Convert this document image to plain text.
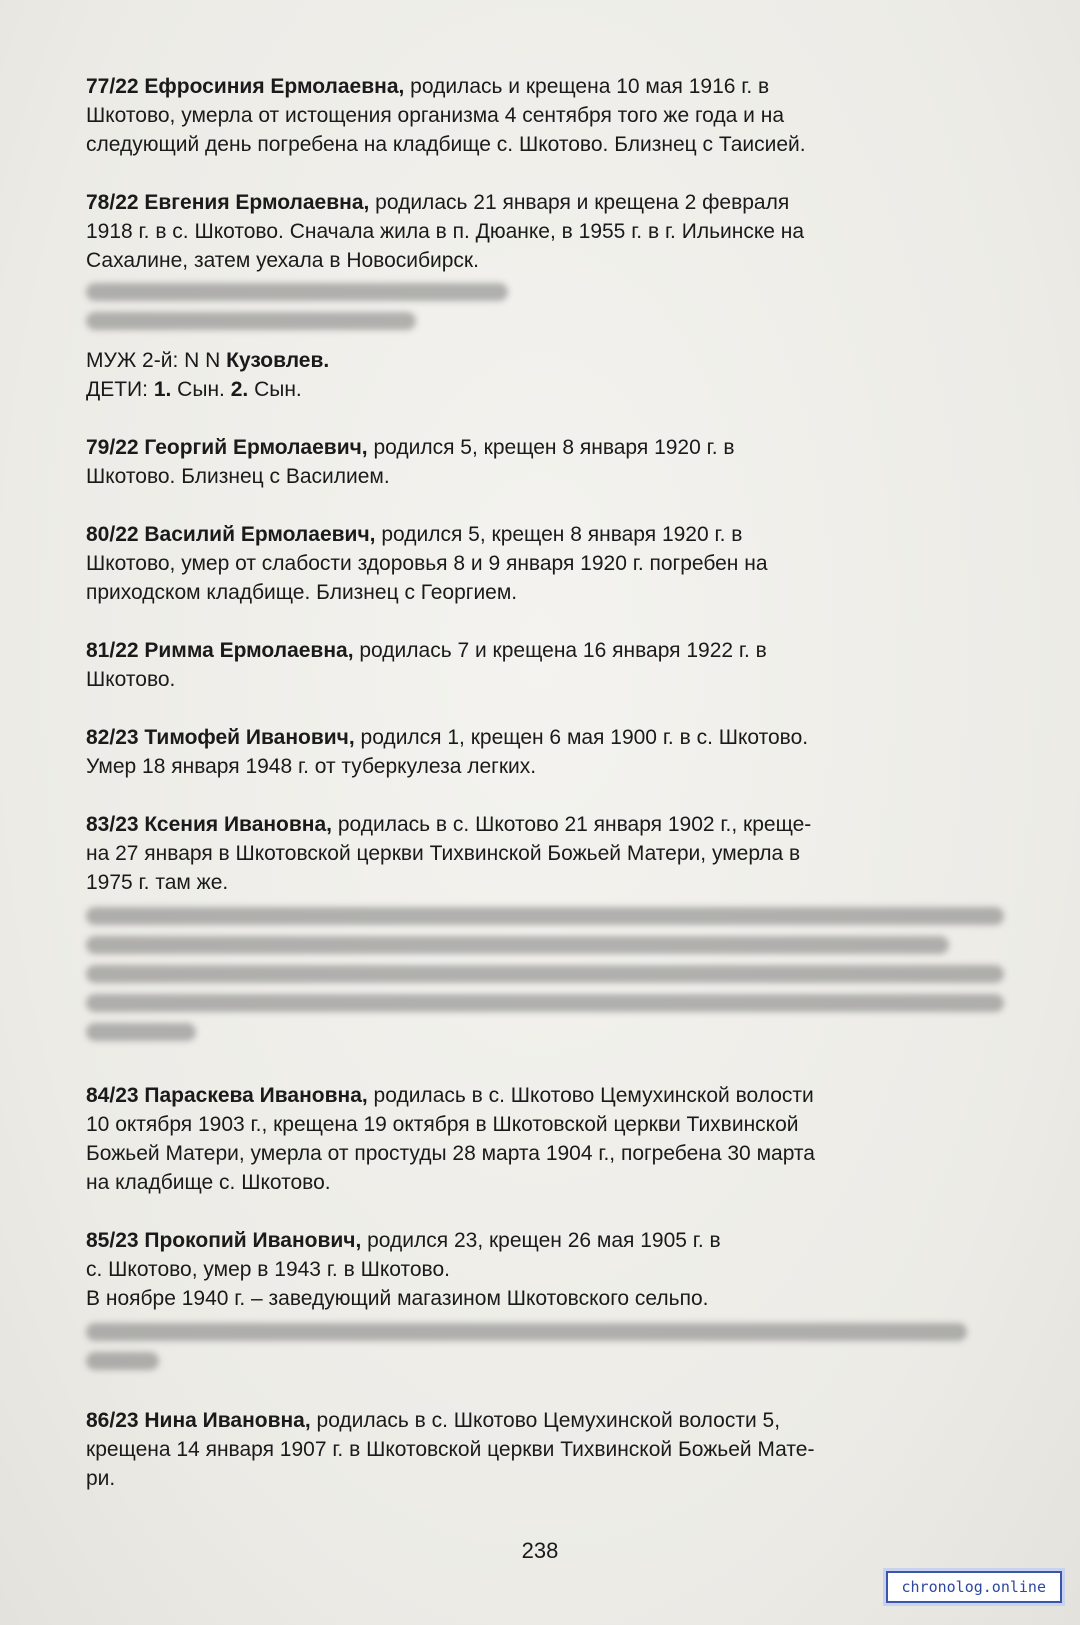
77/22 Ефросиния Ермолаевна, родилась и крещена 10 мая 1916 г. в
Шкотово, умерла от истощения организма 4 сентября того же года и на
следующий день погребена на кладбище с. Шкотово. Близнец с Таисией.
78/22 Евгения Ермолаевна, родилась 21 января и крещена 2 февраля
1918 г. в с. Шкотово. Сначала жила в п. Дюанке, в 1955 г. в г. Ильинске на
Сахалине, затем уехала в Новосибирск.
МУЖ 2-й: N N Кузовлев.
ДЕТИ: 1. Сын. 2. Сын.
79/22 Георгий Ермолаевич, родился 5, крещен 8 января 1920 г. в
Шкотово. Близнец с Василием.
80/22 Василий Ермолаевич, родился 5, крещен 8 января 1920 г. в
Шкотово, умер от слабости здоровья 8 и 9 января 1920 г. погребен на
приходском кладбище. Близнец с Георгием.
81/22 Римма Ермолаевна, родилась 7 и крещена 16 января 1922 г. в
Шкотово.
82/23 Тимофей Иванович, родился 1, крещен 6 мая 1900 г. в с. Шкотово.
Умер 18 января 1948 г. от туберкулеза легких.
83/23 Ксения Ивановна, родилась в с. Шкотово 21 января 1902 г., креще-
на 27 января в Шкотовской церкви Тихвинской Божьей Матери, умерла в
1975 г. там же.
84/23 Параскева Ивановна, родилась в с. Шкотово Цемухинской волости
10 октября 1903 г., крещена 19 октября в Шкотовской церкви Тихвинской
Божьей Матери, умерла от простуды 28 марта 1904 г., погребена 30 марта
на кладбище с. Шкотово.
85/23 Прокопий Иванович, родился 23, крещен 26 мая 1905 г. в
с. Шкотово, умер в 1943 г. в Шкотово.
В ноябре 1940 г. – заведующий магазином Шкотовского сельпо.
86/23 Нина Ивановна, родилась в с. Шкотово Цемухинской волости 5,
крещена 14 января 1907 г. в Шкотовской церкви Тихвинской Божьей Мате-
ри.
238
chronolog.online
